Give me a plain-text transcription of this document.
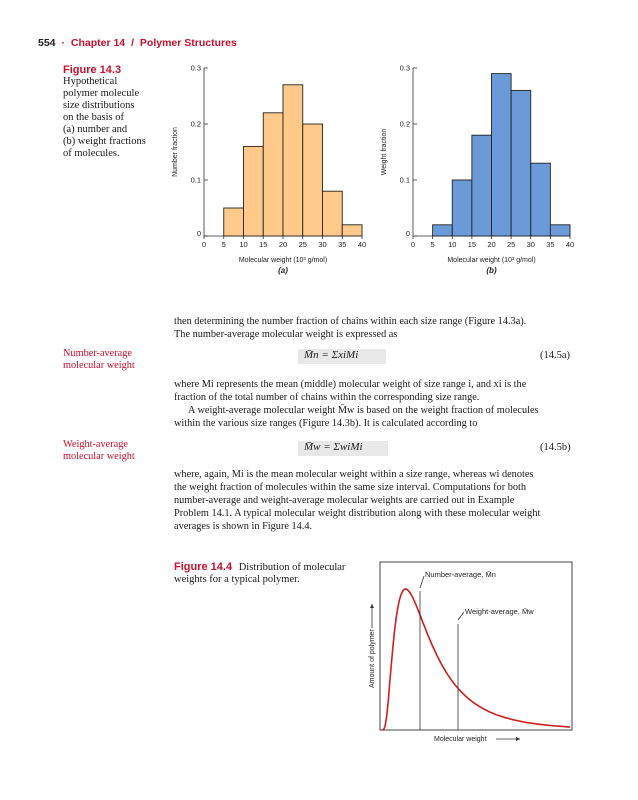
554 · Chapter 14 / Polymer Structures
Figure 14.3
Hypothetical
polymer molecule
size distributions
on the basis of
(a) number and
(b) weight fractions
of molecules.
0
0.1
0.2
0.3
0 5 10 15 20 25 30 35 40
Molecular weight (10³ g/mol)
(a)
Number fraction
0
0.1
0.2
0.3
0 5 10 15 20 25 30 35 40
Molecular weight (10³ g/mol)
(b)
Weight fraction
then determining the number fraction of chains within each size range (Figure 14.3a).
The number-average molecular weight is expressed as
Number-average
molecular weight
M̄n = ΣxiMi	(14.5a)
where Mi represents the mean (middle) molecular weight of size range i, and xi is the
fraction of the total number of chains within the corresponding size range.
A weight-average molecular weight M̄w is based on the weight fraction of molecules
within the various size ranges (Figure 14.3b). It is calculated according to
Weight-average
molecular weight
M̄w = ΣwiMi	(14.5b)
where, again, Mi is the mean molecular weight within a size range, whereas wi denotes
the weight fraction of molecules within the same size interval. Computations for both
number-average and weight-average molecular weights are carried out in Example
Problem 14.1. A typical molecular weight distribution along with these molecular weight
averages is shown in Figure 14.4.
Figure 14.4 Distribution of molecular
weights for a typical polymer.	Number-average, M̄n
Weight-average, M̄w
Molecular weight
Amount of polymer
